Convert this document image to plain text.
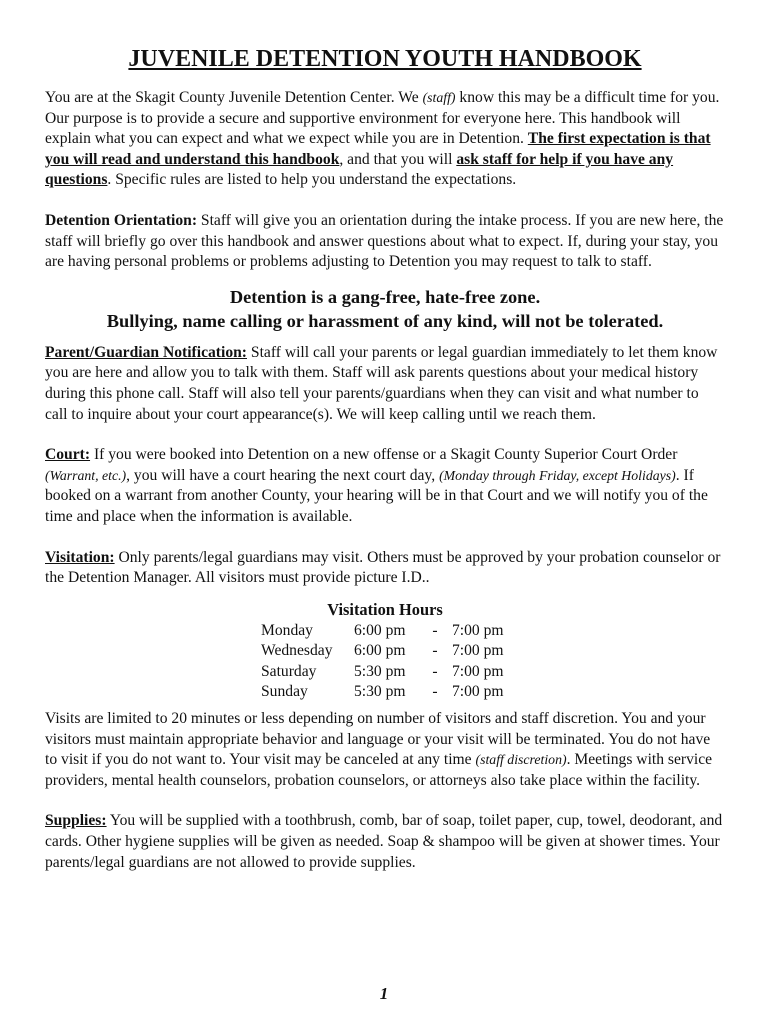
JUVENILE DETENTION YOUTH HANDBOOK

You are at the Skagit County Juvenile Detention Center. We (staff) know this may be a difficult time for you. Our purpose is to provide a secure and supportive environment for everyone here. This handbook will explain what you can expect and what we expect while you are in Detention. The first expectation is that you will read and understand this handbook, and that you will ask staff for help if you have any questions. Specific rules are listed to help you understand the expectations.

Detention Orientation: Staff will give you an orientation during the intake process. If you are new here, the staff will briefly go over this handbook and answer questions about what to expect. If, during your stay, you are having personal problems or problems adjusting to Detention you may request to talk to staff.

Detention is a gang-free, hate-free zone.
Bullying, name calling or harassment of any kind, will not be tolerated.

Parent/Guardian Notification: Staff will call your parents or legal guardian immediately to let them know you are here and allow you to talk with them. Staff will ask parents questions about your medical history during this phone call. Staff will also tell your parents/guardians when they can visit and what number to call to inquire about your court appearance(s). We will keep calling until we reach them.

Court: If you were booked into Detention on a new offense or a Skagit County Superior Court Order (Warrant, etc.), you will have a court hearing the next court day, (Monday through Friday, except Holidays). If booked on a warrant from another County, your hearing will be in that Court and we will notify you of the time and place when the information is available.

Visitation: Only parents/legal guardians may visit. Others must be approved by your probation counselor or the Detention Manager. All visitors must provide picture I.D..

Visitation Hours
Monday	6:00 pm	-	7:00 pm
Wednesday	6:00 pm	-	7:00 pm
Saturday	5:30 pm	-	7:00 pm
Sunday	5:30 pm	-	7:00 pm

Visits are limited to 20 minutes or less depending on number of visitors and staff discretion. You and your visitors must maintain appropriate behavior and language or your visit will be terminated. You do not have to visit if you do not want to. Your visit may be canceled at any time (staff discretion). Meetings with service providers, mental health counselors, probation counselors, or attorneys also take place within the facility.

Supplies: You will be supplied with a toothbrush, comb, bar of soap, toilet paper, cup, towel, deodorant, and cards. Other hygiene supplies will be given as needed. Soap & shampoo will be given at shower times. Your parents/legal guardians are not allowed to provide supplies.

1
